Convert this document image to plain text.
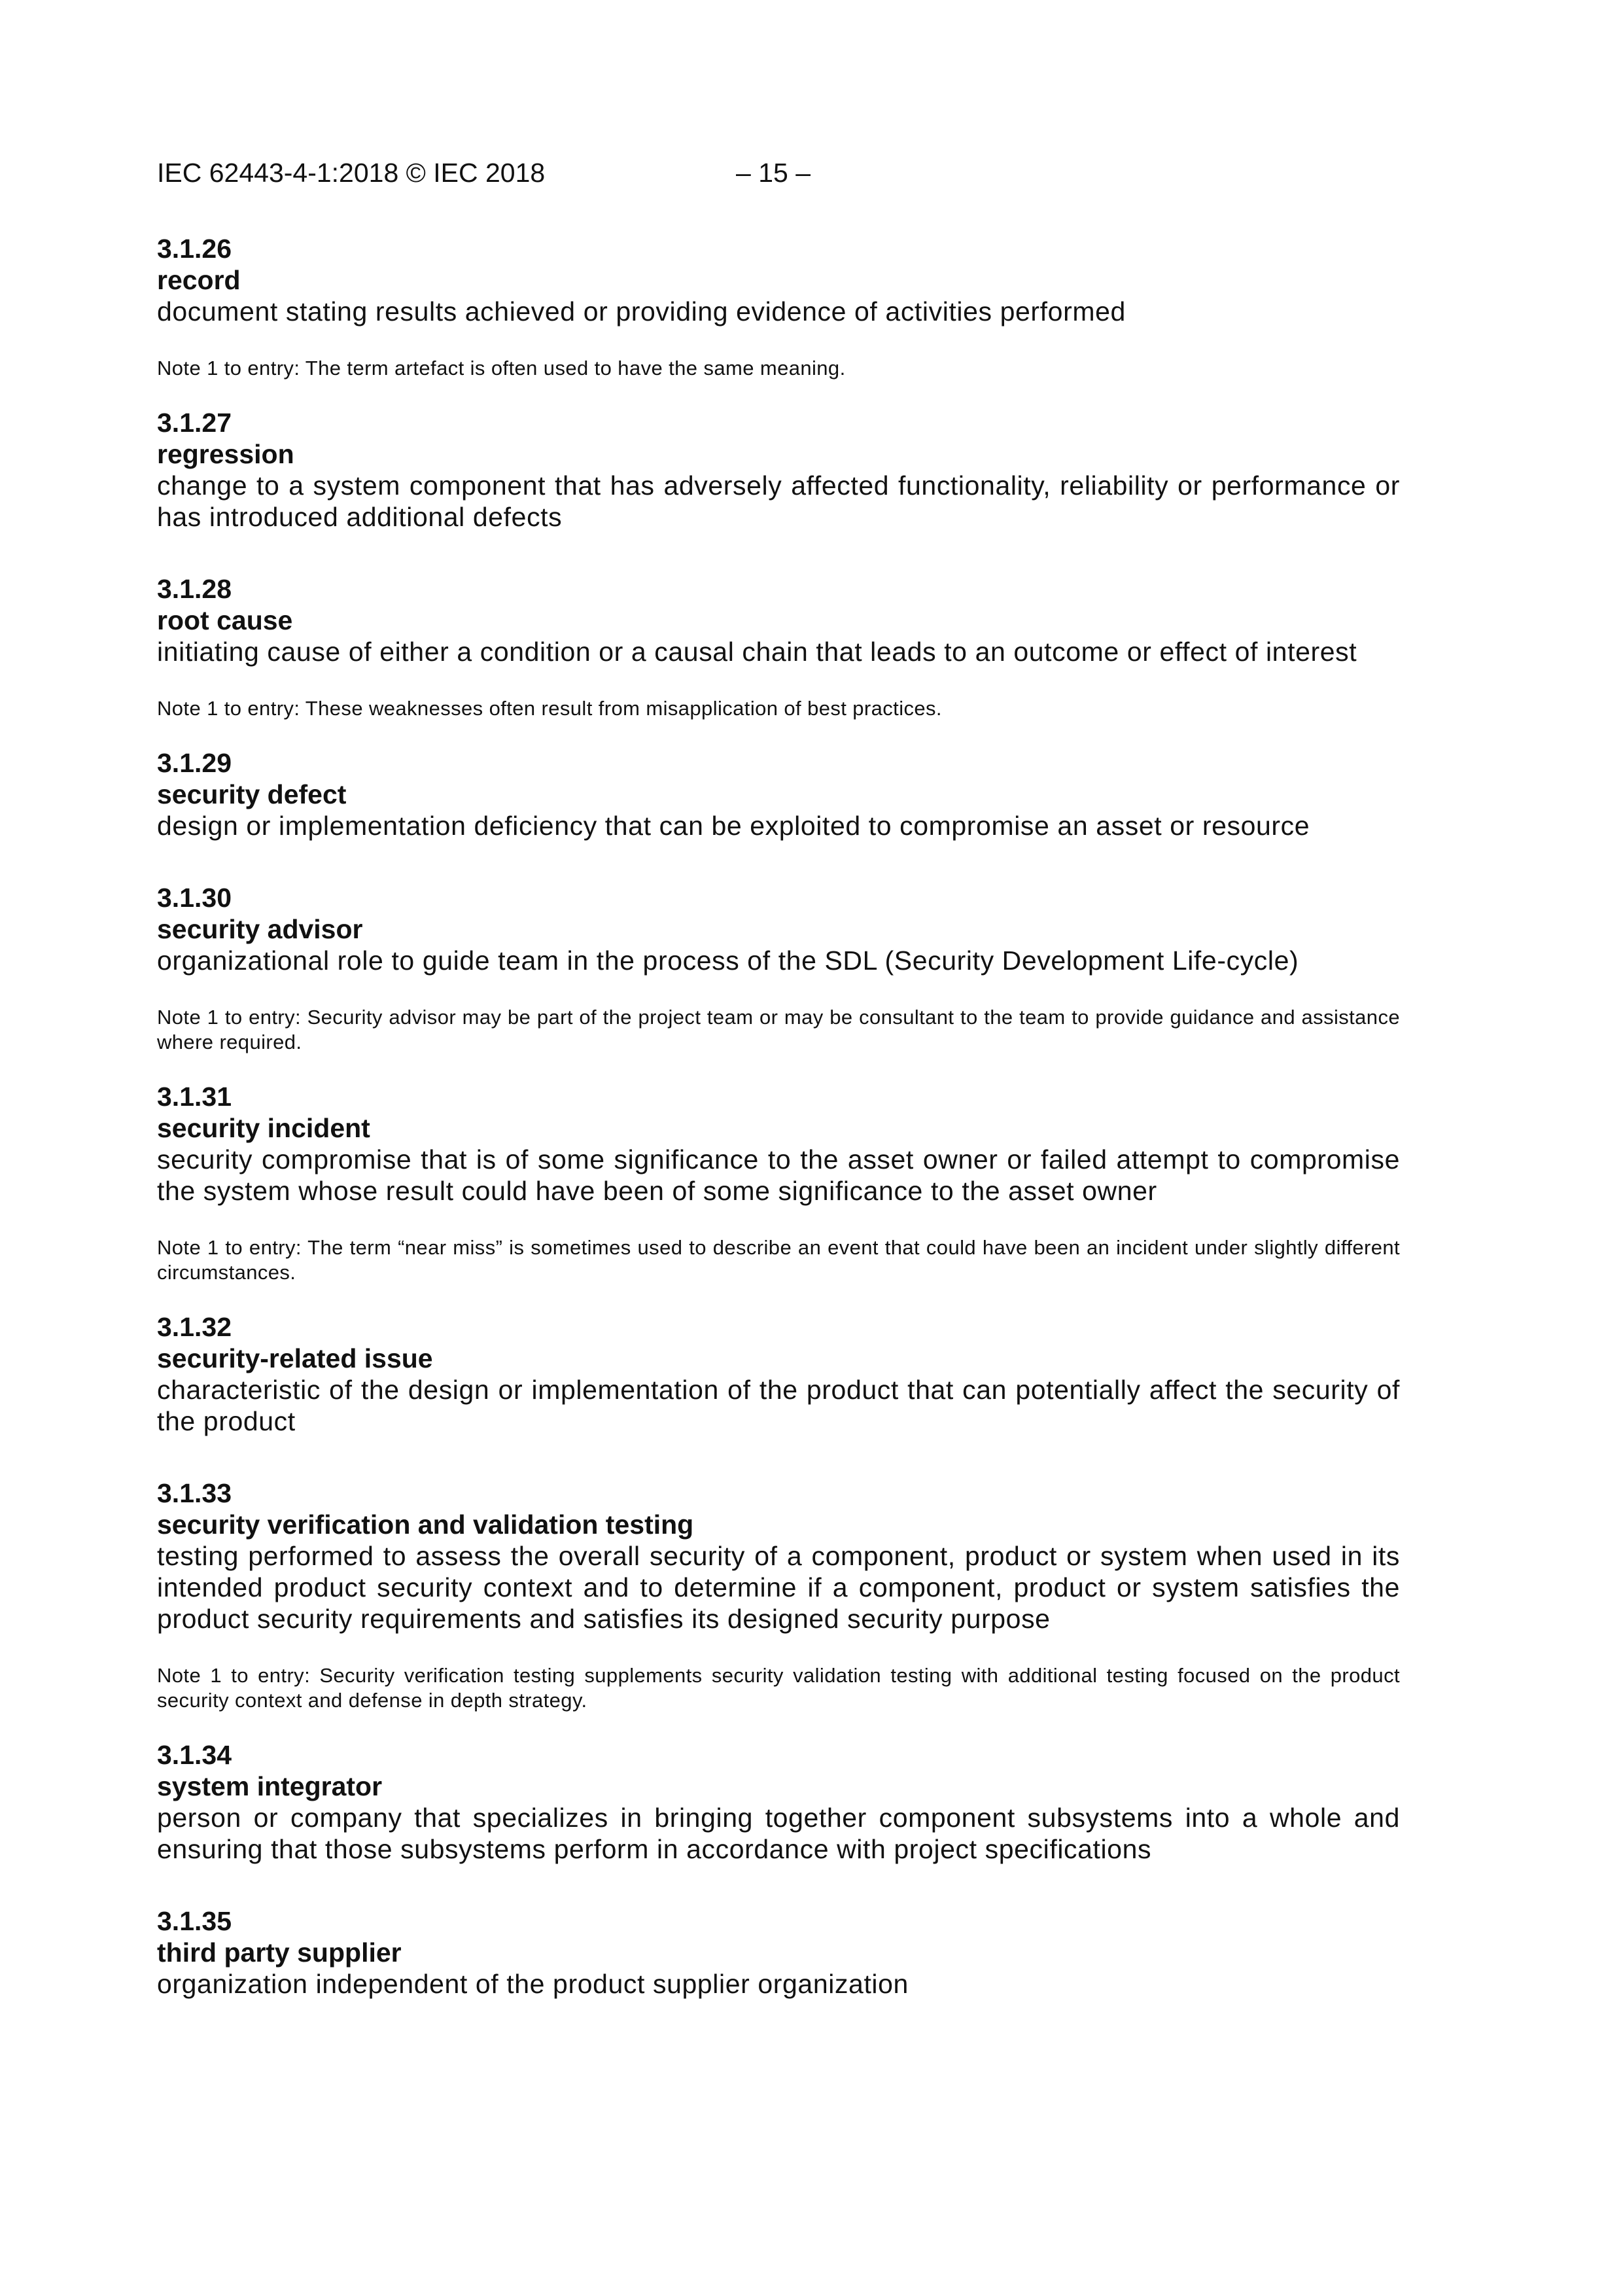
IEC 62443-4-1:2018 © IEC 2018	– 15 –

3.1.26

record

document stating results achieved or providing evidence of activities performed

Note 1 to entry: The term artefact is often used to have the same meaning.

3.1.27

regression

change to a system component that has adversely affected functionality, reliability or performance or has introduced additional defects

3.1.28

root cause

initiating cause of either a condition or a causal chain that leads to an outcome or effect of interest

Note 1 to entry: These weaknesses often result from misapplication of best practices.

3.1.29

security defect

design or implementation deficiency that can be exploited to compromise an asset or resource

3.1.30

security advisor

organizational role to guide team in the process of the SDL (Security Development Life-cycle)

Note 1 to entry: Security advisor may be part of the project team or may be consultant to the team to provide guidance and assistance where required.

3.1.31

security incident

security compromise that is of some significance to the asset owner or failed attempt to compromise the system whose result could have been of some significance to the asset owner

Note 1 to entry: The term “near miss” is sometimes used to describe an event that could have been an incident under slightly different circumstances.

3.1.32

security-related issue

characteristic of the design or implementation of the product that can potentially affect the security of the product

3.1.33

security verification and validation testing

testing performed to assess the overall security of a component, product or system when used in its intended product security context and to determine if a component, product or system satisfies the product security requirements and satisfies its designed security purpose

Note 1 to entry: Security verification testing supplements security validation testing with additional testing focused on the product security context and defense in depth strategy.

3.1.34

system integrator

person or company that specializes in bringing together component subsystems into a whole and ensuring that those subsystems perform in accordance with project specifications

3.1.35

third party supplier

organization independent of the product supplier organization
